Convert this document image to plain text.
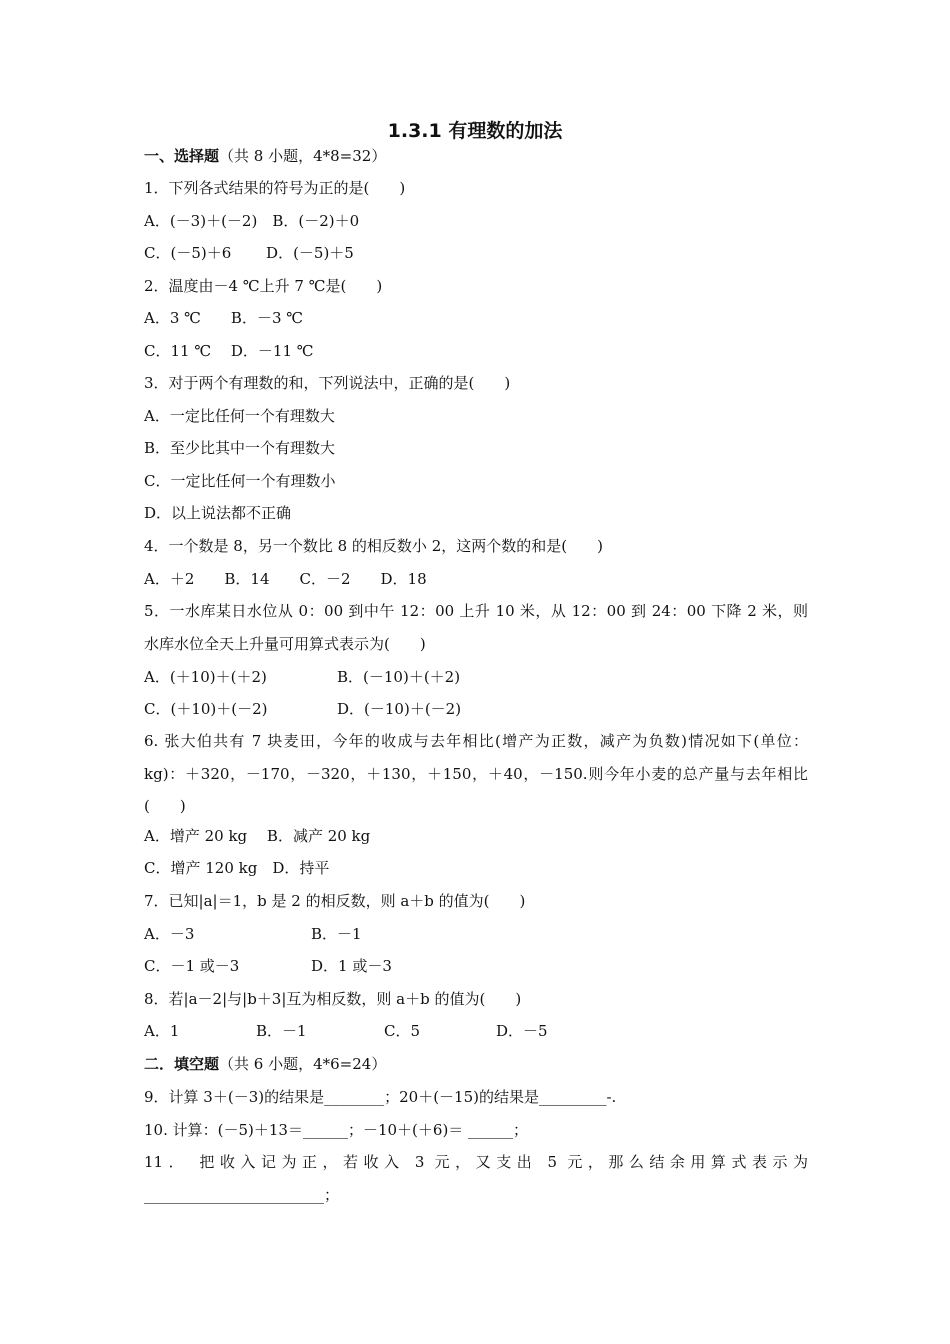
1.3.1 有理数的加法
一、选择题（共 8 小题，4*8=32）
1．下列各式结果的符号为正的是(　　)
A．(－3)＋(－2)　B．(－2)＋0
C．(－5)＋6　　 D．(－5)＋5
2．温度由－4 ℃上升 7 ℃是(　　)
A．3 ℃　　B．－3 ℃
C．11 ℃　 D．－11 ℃
3．对于两个有理数的和，下列说法中，正确的是(　　)
A．一定比任何一个有理数大
B．至少比其中一个有理数大
C．一定比任何一个有理数小
D．以上说法都不正确
4．一个数是 8，另一个数比 8 的相反数小 2，这两个数的和是(　　)
A．＋2　　B．14　　C．－2　　D．18
5．一水库某日水位从 0：00 到中午 12：00 上升 10 米，从 12：00 到 24：00 下降 2 米，则
水库水位全天上升量可用算式表示为(　　)
A．(＋10)＋(＋2)	B．(－10)＋(＋2)
C．(＋10)＋(－2)	D．(－10)＋(－2)
6. 张大伯共有 7 块麦田，今年的收成与去年相比(增产为正数，减产为负数)情况如下(单位：
kg)：＋320，－170，－320，＋130，＋150，＋40，－150.则今年小麦的总产量与去年相比
(　　)
A．增产 20 kg　 B．减产 20 kg
C．增产 120 kg　D．持平
7．已知|a|＝1，b 是 2 的相反数，则 a＋b 的值为(　　)
A．－3	B．－1
C．－1 或－3	D．1 或－3
8．若|a－2|与|b＋3|互为相反数，则 a＋b 的值为(　　)
A．1	B．－1	C．5	D．－5
二．填空题（共 6 小题，4*6=24）
9．计算 3＋(－3)的结果是________；20＋(－15)的结果是_________-.
10. 计算：(－5)＋13＝______；－10＋(＋6)＝ ______；
11． 把收入记为正，若收入 3 元，又支出 5 元，那么结余用算式表示为
________________________；
